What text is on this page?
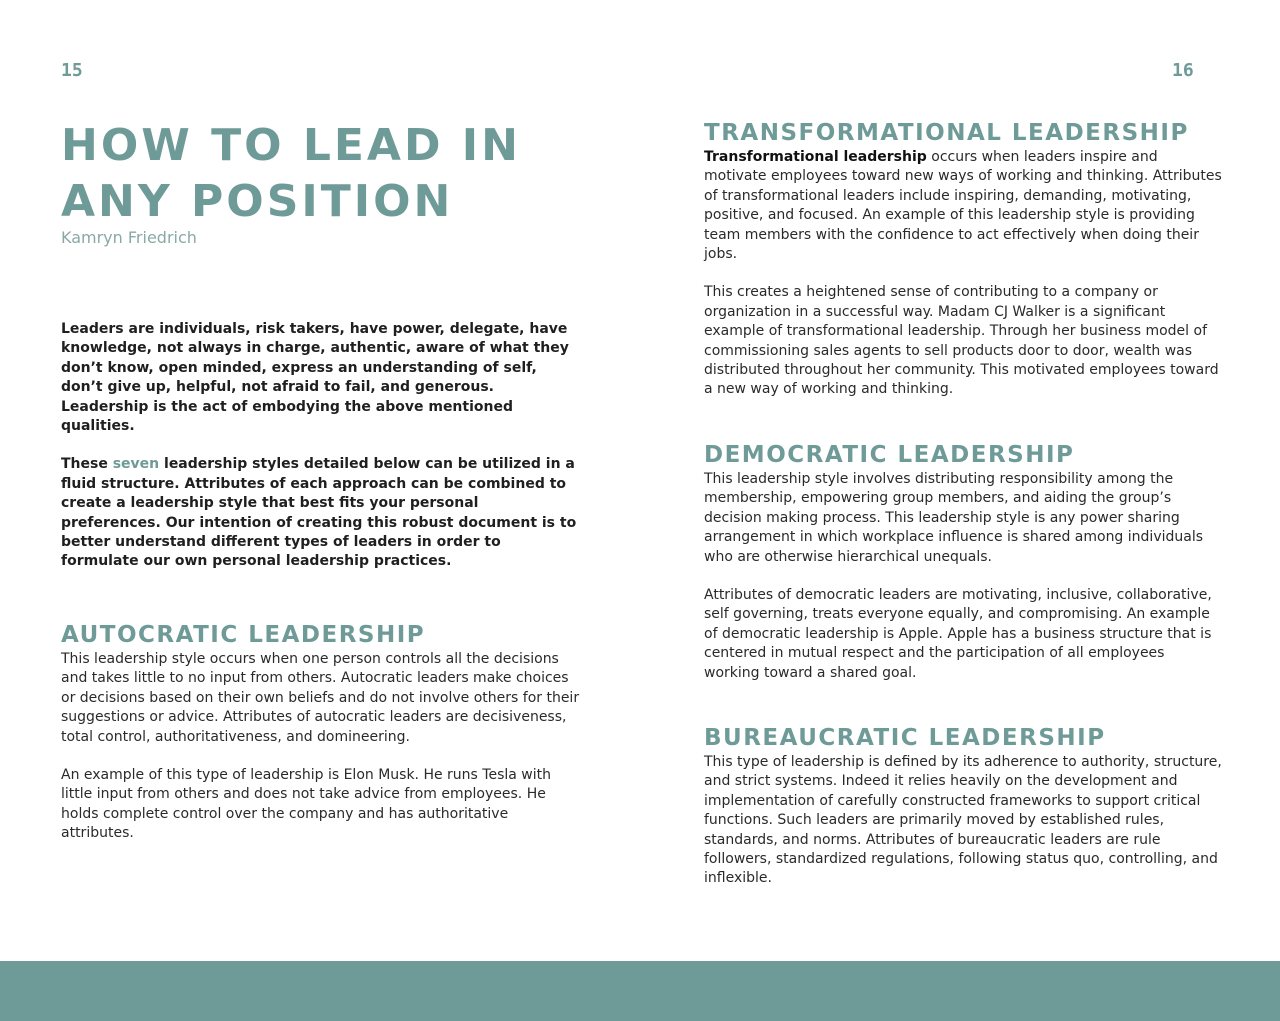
15	16
HOW TO LEAD IN ANY POSITION
Kamryn Friedrich

Leaders are individuals, risk takers, have power, delegate, have knowledge, not always in charge, authentic, aware of what they don’t know, open minded, express an understanding of self, don’t give up, helpful, not afraid to fail, and generous. Leadership is the act of embodying the above mentioned qualities.

These seven leadership styles detailed below can be utilized in a fluid structure. Attributes of each approach can be combined to create a leadership style that best fits your personal preferences. Our intention of creating this robust document is to better understand different types of leaders in order to formulate our own personal leadership practices.

AUTOCRATIC LEADERSHIP

This leadership style occurs when one person controls all the decisions and takes little to no input from others. Autocratic leaders make choices or decisions based on their own beliefs and do not involve others for their suggestions or advice. Attributes of autocratic leaders are decisiveness, total control, authoritativeness, and domineering.

An example of this type of leadership is Elon Musk. He runs Tesla with little input from others and does not take advice from employees. He holds complete control over the company and has authoritative attributes.

TRANSFORMATIONAL LEADERSHIP

Transformational leadership occurs when leaders inspire and motivate employees toward new ways of working and thinking. Attributes of transformational leaders include inspiring, demanding, motivating, positive, and focused. An example of this leadership style is providing team members with the confidence to act effectively when doing their jobs.

This creates a heightened sense of contributing to a company or organization in a successful way. Madam CJ Walker is a significant example of transformational leadership. Through her business model of commissioning sales agents to sell products door to door, wealth was distributed throughout her community. This motivated employees toward a new way of working and thinking.

DEMOCRATIC LEADERSHIP

This leadership style involves distributing responsibility among the membership, empowering group members, and aiding the group’s decision making process. This leadership style is any power sharing arrangement in which workplace influence is shared among individuals who are otherwise hierarchical unequals.

Attributes of democratic leaders are motivating, inclusive, collaborative, self governing, treats everyone equally, and compromising. An example of democratic leadership is Apple. Apple has a business structure that is centered in mutual respect and the participation of all employees working toward a shared goal.

BUREAUCRATIC LEADERSHIP

This type of leadership is defined by its adherence to authority, structure, and strict systems. Indeed it relies heavily on the development and implementation of carefully constructed frameworks to support critical functions. Such leaders are primarily moved by established rules, standards, and norms. Attributes of bureaucratic leaders are rule followers, standardized regulations, following status quo, controlling, and inflexible.
